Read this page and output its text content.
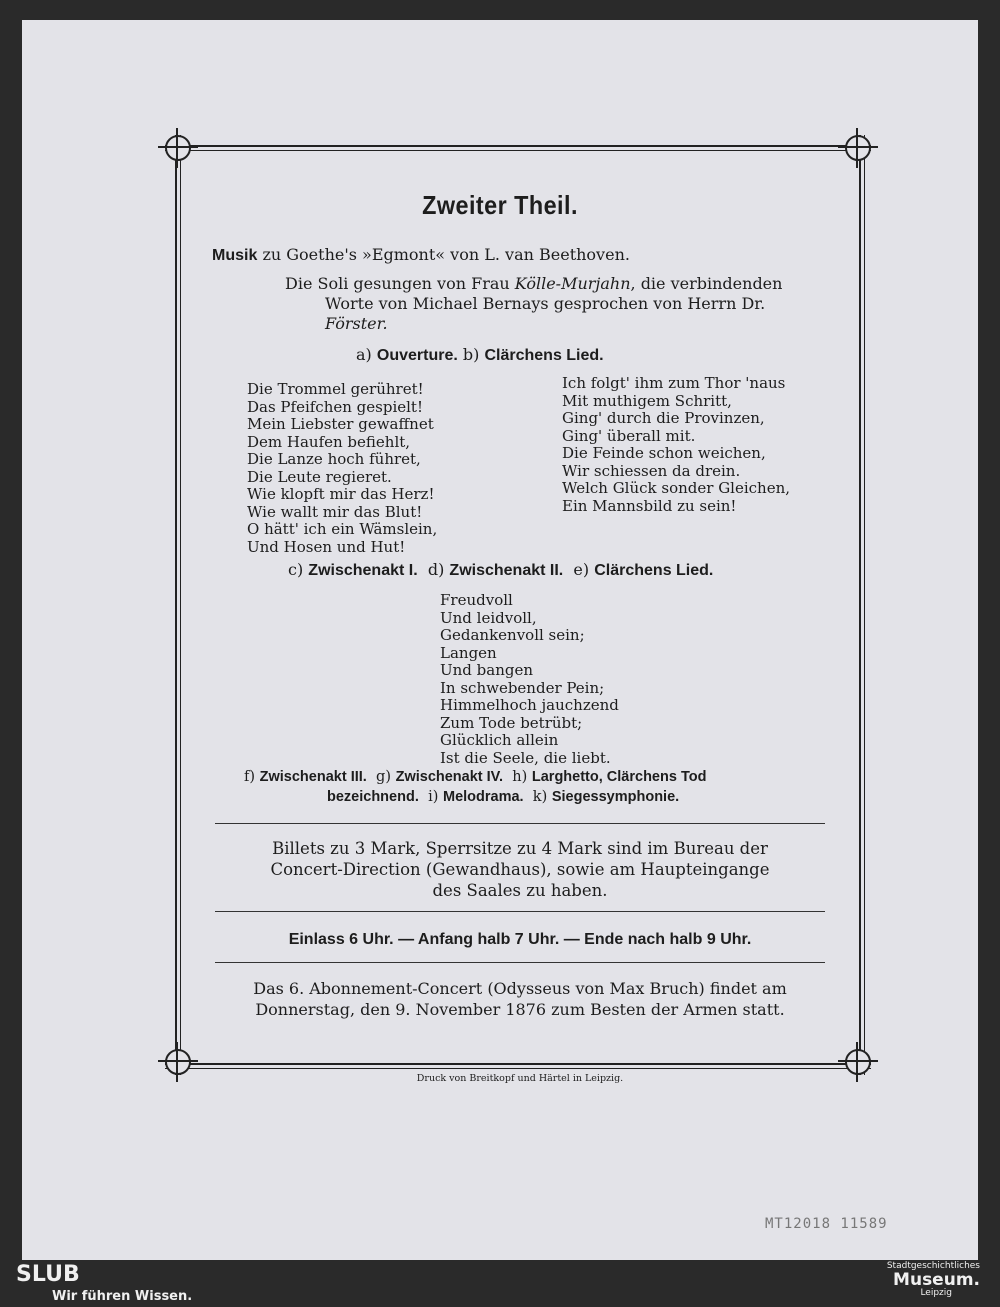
Zweiter Theil.
Musik zu Goethe's »Egmont« von L. van Beethoven.
Die Soli gesungen von Frau Kölle-Murjahn, die verbindenden
Worte von Michael Bernays gesprochen von Herrn Dr.
Förster.
a) Ouverture. b) Clärchens Lied.
Die Trommel gerühret!
Das Pfeifchen gespielt!
Mein Liebster gewaffnet
Dem Haufen befiehlt,
Die Lanze hoch führet,
Die Leute regieret.
Wie klopft mir das Herz!
Wie wallt mir das Blut!
O hätt' ich ein Wämslein,
Und Hosen und Hut!
Ich folgt' ihm zum Thor 'naus
Mit muthigem Schritt,
Ging' durch die Provinzen,
Ging' überall mit.
Die Feinde schon weichen,
Wir schiessen da drein.
Welch Glück sonder Gleichen,
Ein Mannsbild zu sein!
c) Zwischenakt I. d) Zwischenakt II. e) Clärchens Lied.
Freudvoll
Und leidvoll,
Gedankenvoll sein;
Langen
Und bangen
In schwebender Pein;
Himmelhoch jauchzend
Zum Tode betrübt;
Glücklich allein
Ist die Seele, die liebt.
f) Zwischenakt III. g) Zwischenakt IV. h) Larghetto, Clärchens Tod
bezeichnend. i) Melodrama. k) Siegessymphonie.
Billets zu 3 Mark, Sperrsitze zu 4 Mark sind im Bureau der
Concert-Direction (Gewandhaus), sowie am Haupteingange
des Saales zu haben.
Einlass 6 Uhr. — Anfang halb 7 Uhr. — Ende nach halb 9 Uhr.
Das 6. Abonnement-Concert (Odysseus von Max Bruch) findet am
Donnerstag, den 9. November 1876 zum Besten der Armen statt.
Druck von Breitkopf und Härtel in Leipzig.
MT12018 11589
SLUB
Wir führen Wissen.
Stadtgeschichtliches
Museum.
Leipzig
